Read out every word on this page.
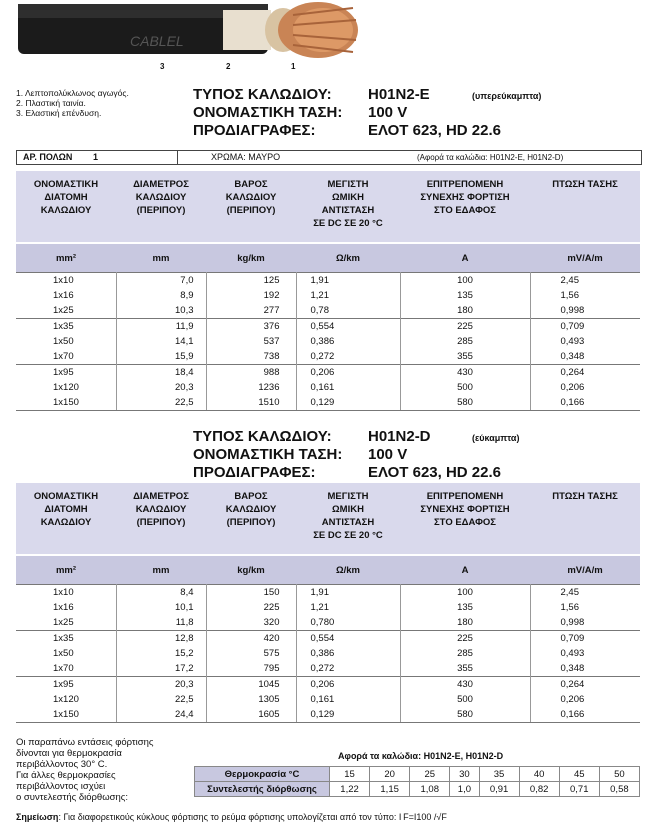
CABLEL
3	2	1
1. Λεπτοπολύκλωνος αγωγός.
2. Πλαστική ταινία.
3. Ελαστική επένδυση.
ΤΥΠΟΣ ΚΑΛΩΔΙΟΥ: H01N2-E	(υπερεύκαμπτα)
ΟΝΟΜΑΣΤΙΚΗ ΤΑΣΗ: 100 V
ΠΡΟΔΙΑΓΡΑΦΕΣ:	ΕΛΟΤ 623, HD 22.6
ΑΡ. ΠΟΛΩΝ 1	ΧΡΩΜΑ: ΜΑΥΡΟ	(Αφορά τα καλώδια: H01N2-E, H01N2-D)
ΟΝΟΜΑΣΤΙΚΗ
ΔΙΑΤΟΜΗ
ΚΑΛΩΔΙΟΥ	ΔΙΑΜΕΤΡΟΣ
ΚΑΛΩΔΙΟΥ
(ΠΕΡΙΠΟΥ)	ΒΑΡΟΣ
ΚΑΛΩΔΙΟΥ
(ΠΕΡΙΠΟΥ)	ΜΕΓΙΣΤΗ
ΩΜΙΚΗ
ΑΝΤΙΣΤΑΣΗ
ΣΕ DC ΣΕ 20 °C	ΕΠΙΤΡΕΠΟΜΕΝΗ
ΣΥΝΕΧΗΣ ΦΟΡΤΙΣΗ
ΣΤΟ ΕΔΑΦΟΣ	ΠΤΩΣΗ ΤΑΣΗΣ

mm²	mm	kg/km	Ω/km	A	mV/A/m
1x10	7,0	125	1,91	100	2,45
1x16	8,9	192	1,21	135	1,56
1x25	10,3	277	0,78	180	0,998
1x35	11,9	376	0,554	225	0,709
1x50	14,1	537	0,386	285	0,493
1x70	15,9	738	0,272	355	0,348
1x95	18,4	988	0,206	430	0,264
1x120	20,3	1236	0,161	500	0,206
1x150	22,5	1510	0,129	580	0,166
ΤΥΠΟΣ ΚΑΛΩΔΙΟΥ: H01N2-D	(εύκαμπτα)
ΟΝΟΜΑΣΤΙΚΗ ΤΑΣΗ: 100 V
ΠΡΟΔΙΑΓΡΑΦΕΣ:	ΕΛΟΤ 623, HD 22.6
ΟΝΟΜΑΣΤΙΚΗ
ΔΙΑΤΟΜΗ
ΚΑΛΩΔΙΟΥ	ΔΙΑΜΕΤΡΟΣ
ΚΑΛΩΔΙΟΥ
(ΠΕΡΙΠΟΥ)	ΒΑΡΟΣ
ΚΑΛΩΔΙΟΥ
(ΠΕΡΙΠΟΥ)	ΜΕΓΙΣΤΗ
ΩΜΙΚΗ
ΑΝΤΙΣΤΑΣΗ
ΣΕ DC ΣΕ 20 °C	ΕΠΙΤΡΕΠΟΜΕΝΗ
ΣΥΝΕΧΗΣ ΦΟΡΤΙΣΗ
ΣΤΟ ΕΔΑΦΟΣ	ΠΤΩΣΗ ΤΑΣΗΣ

mm²	mm	kg/km	Ω/km	A	mV/A/m
1x10	8,4	150	1,91	100	2,45
1x16	10,1	225	1,21	135	1,56
1x25	11,8	320	0,780	180	0,998
1x35	12,8	420	0,554	225	0,709
1x50	15,2	575	0,386	285	0,493
1x70	17,2	795	0,272	355	0,348
1x95	20,3	1045	0,206	430	0,264
1x120	22,5	1305	0,161	500	0,206
1x150	24,4	1605	0,129	580	0,166
Οι παραπάνω εντάσεις φόρτισης
δίνονται για θερμοκρασία
περιβάλλοντος 30° C.
Για άλλες θερμοκρασίες
περιβάλλοντος ισχύει
ο συντελεστής διόρθωσης:
Αφορά τα καλώδια: H01N2-E, H01N2-D
Θερμοκρασία °C	15	20	25	30	35	40	45	50
Συντελεστής διόρθωσης	1,22	1,15	1,08	1,0	0,91	0,82	0,71	0,58
Σημείωση: Για διαφορετικούς κύκλους φόρτισης το ρεύμα φόρτισης υπολογίζεται από τον τύπο: I F=I100 /√F
